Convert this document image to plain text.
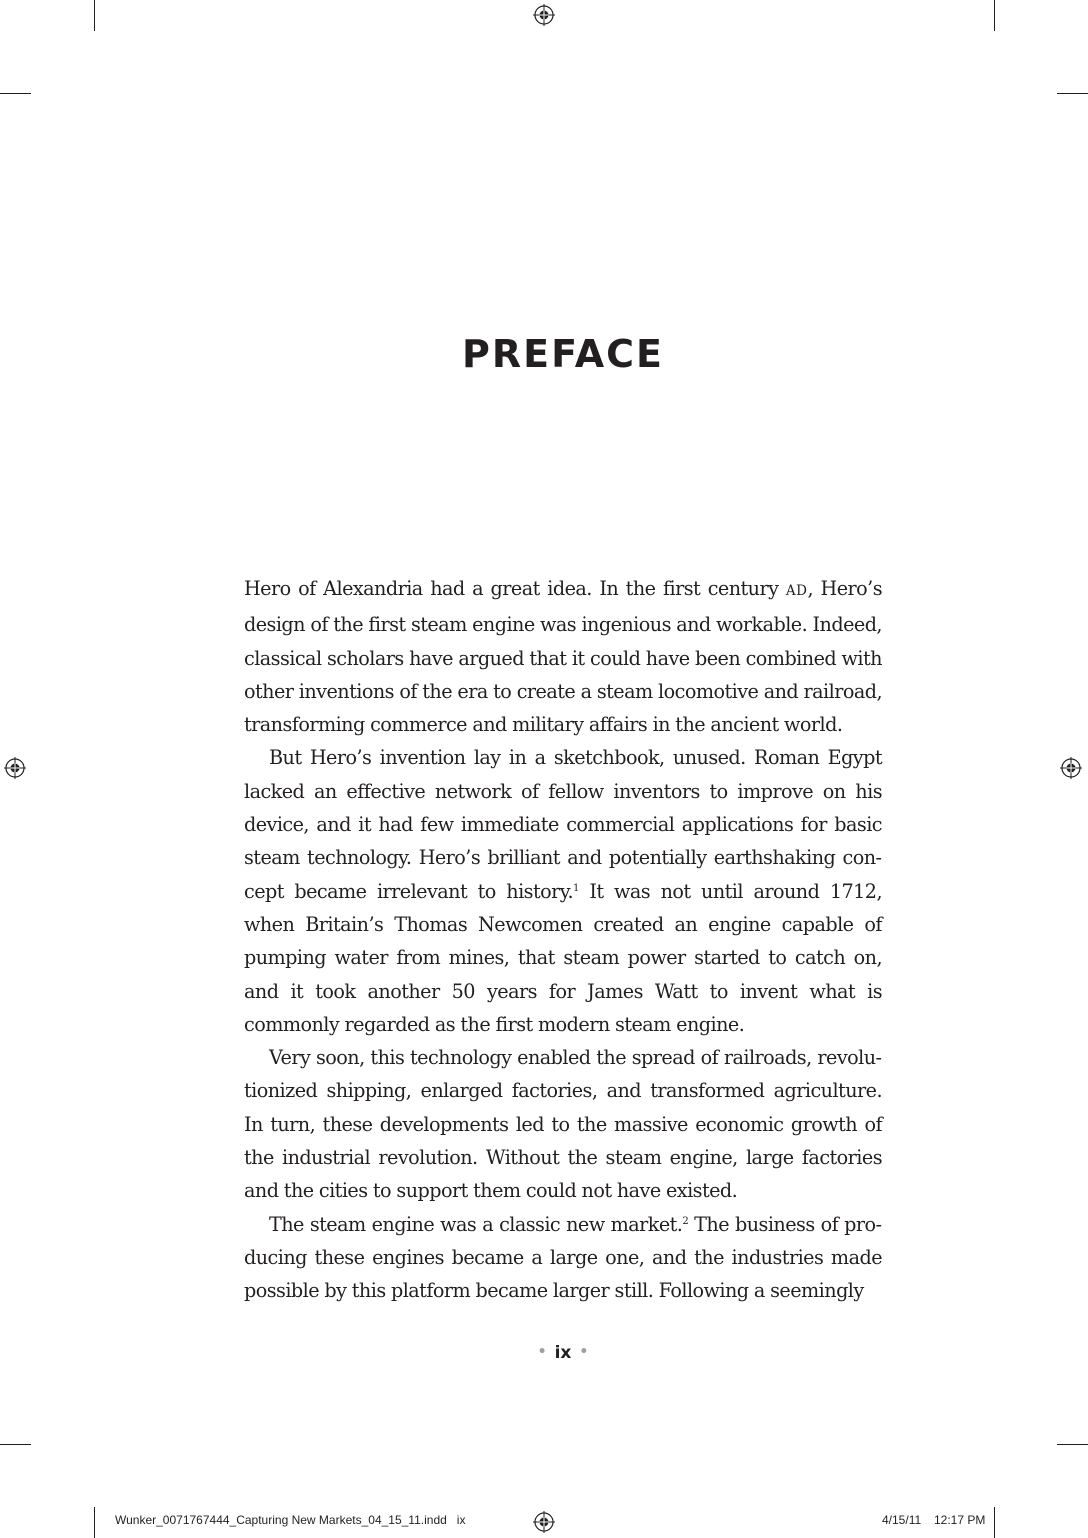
PREFACE

Hero of Alexandria had a great idea. In the first century AD, Hero’s design of the first steam engine was ingenious and workable. Indeed, classical scholars have argued that it could have been combined with other inventions of the era to create a steam locomotive and railroad, transforming commerce and military affairs in the ancient world.

But Hero’s invention lay in a sketchbook, unused. Roman Egypt lacked an effective network of fellow inventors to improve on his device, and it had few immediate commercial applications for basic steam technology. Hero’s brilliant and potentially earthshaking concept became irrelevant to history.$^1$ It was not until around 1712, when Britain’s Thomas Newcomen created an engine capable of pumping water from mines, that steam power started to catch on, and it took another 50 years for James Watt to invent what is commonly regarded as the first modern steam engine.

Very soon, this technology enabled the spread of railroads, revolutionized shipping, enlarged factories, and transformed agriculture. In turn, these developments led to the massive economic growth of the industrial revolution. Without the steam engine, large factories and the cities to support them could not have existed.

The steam engine was a classic new market.$^2$ The business of producing these engines became a large one, and the industries made possible by this platform became larger still. Following a seemingly

• ix •
Wunker_0071767444_Capturing New Markets_04_15_11.indd   ix	4/15/11 12:17 PM
